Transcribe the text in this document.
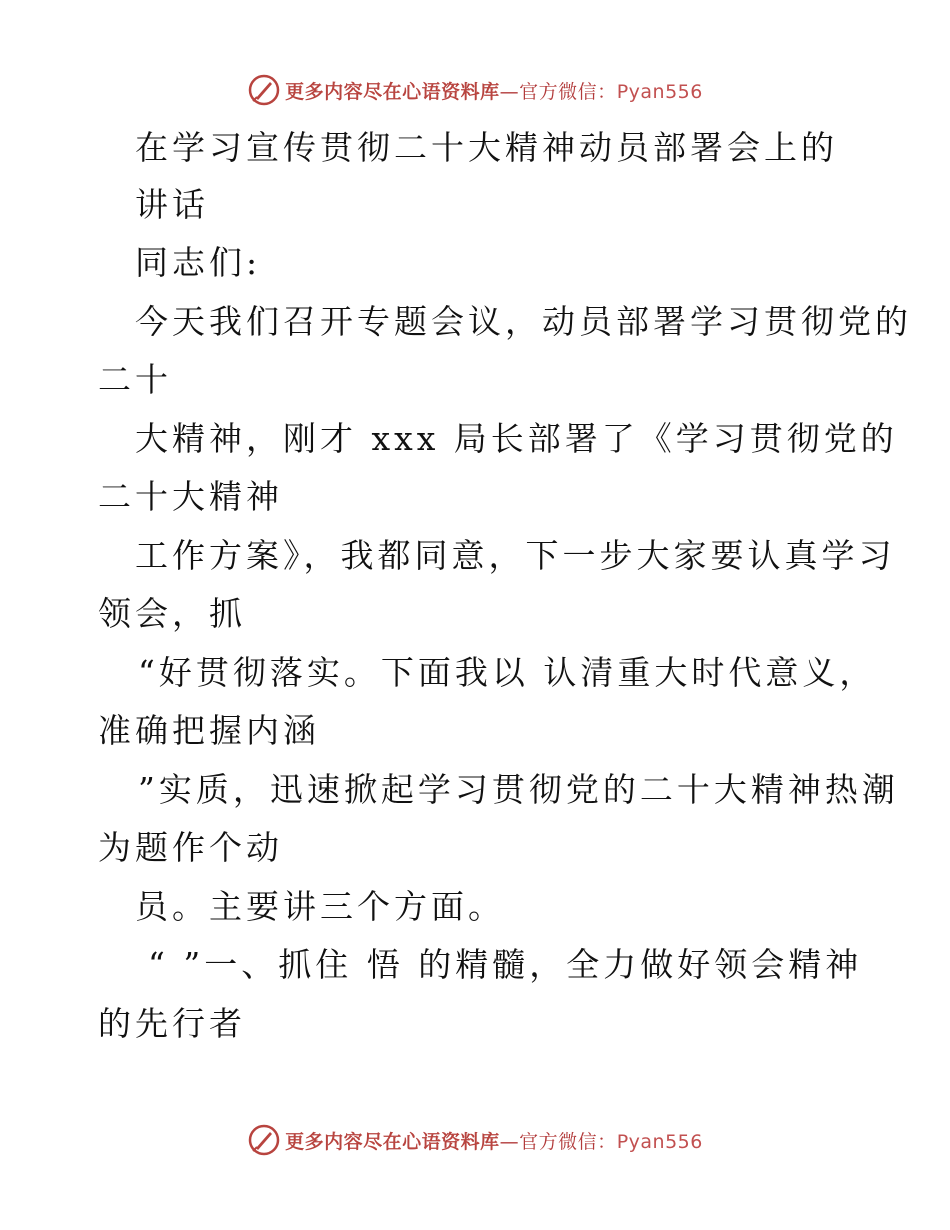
更多内容尽在心语资料库—官方微信：Pyan556
在学习宣传贯彻二十大精神动员部署会上的
讲话
同志们:
今天我们召开专题会议，动员部署学习贯彻党的
二十
大精神，刚才 xxx 局长部署了《学习贯彻党的
二十大精神
工作方案》，我都同意，下一步大家要认真学习
领会，抓
“好贯彻落实。下面我以 认清重大时代意义，
准确把握内涵
”实质，迅速掀起学习贯彻党的二十大精神热潮
为题作个动
员。主要讲三个方面。
“ ”一、抓住 悟 的精髓，全力做好领会精神
的先行者
更多内容尽在心语资料库—官方微信：Pyan556
